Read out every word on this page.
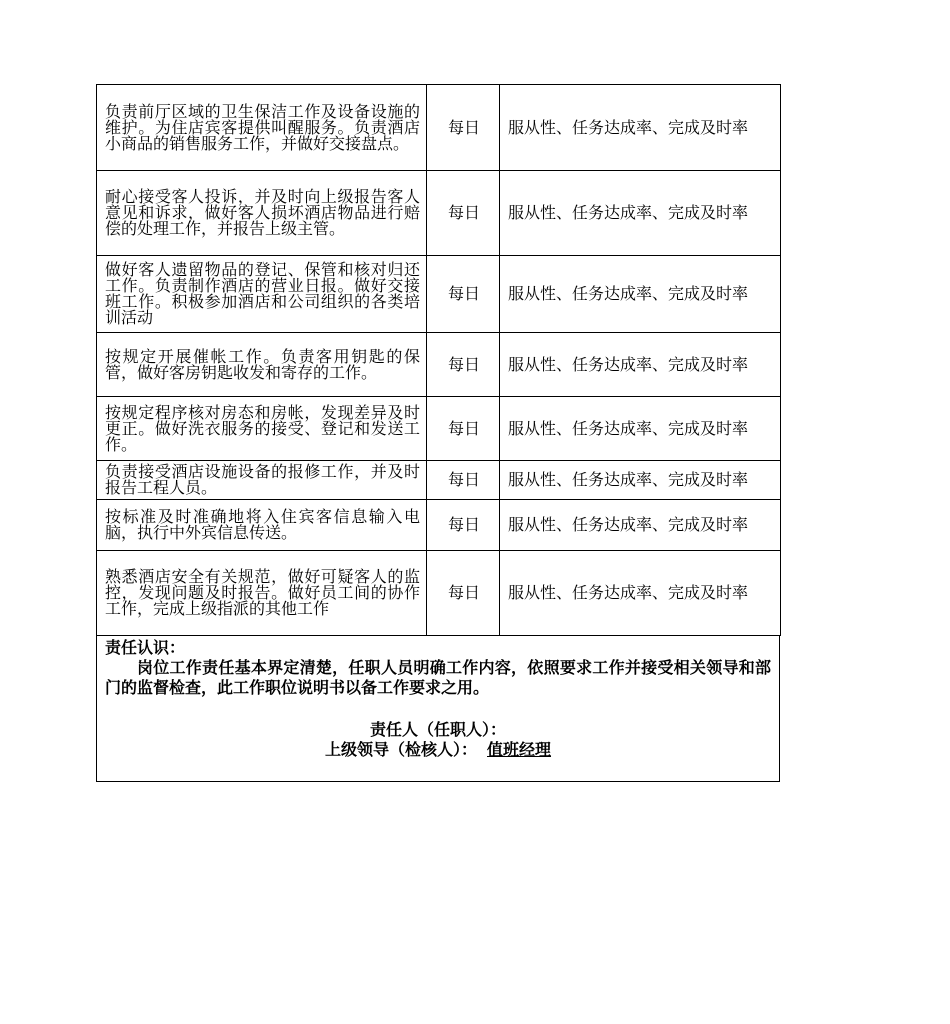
负责前厅区域的卫生保洁工作及设备设施的维护。为住店宾客提供叫醒服务。负责酒店小商品的销售服务工作，并做好交接盘点。	每日	服从性、任务达成率、完成及时率
耐心接受客人投诉，并及时向上级报告客人意见和诉求，做好客人损坏酒店物品进行赔偿的处理工作，并报告上级主管。	每日	服从性、任务达成率、完成及时率
做好客人遗留物品的登记、保管和核对归还工作。负责制作酒店的营业日报。做好交接班工作。积极参加酒店和公司组织的各类培训活动	每日	服从性、任务达成率、完成及时率
按规定开展催帐工作。负责客用钥匙的保管，做好客房钥匙收发和寄存的工作。	每日	服从性、任务达成率、完成及时率
按规定程序核对房态和房帐，发现差异及时更正。做好洗衣服务的接受、登记和发送工作。	每日	服从性、任务达成率、完成及时率
负责接受酒店设施设备的报修工作，并及时报告工程人员。	每日	服从性、任务达成率、完成及时率
按标准及时准确地将入住宾客信息输入电脑，执行中外宾信息传送。	每日	服从性、任务达成率、完成及时率
熟悉酒店安全有关规范，做好可疑客人的监控，发现问题及时报告。做好员工间的协作工作，完成上级指派的其他工作	每日	服从性、任务达成率、完成及时率
责任认识：

岗位工作责任基本界定清楚，任职人员明确工作内容，依照要求工作并接受相关领导和部门的监督检查，此工作职位说明书以备工作要求之用。

责任人（任职人）：

上级领导（检核人）： 值班经理
